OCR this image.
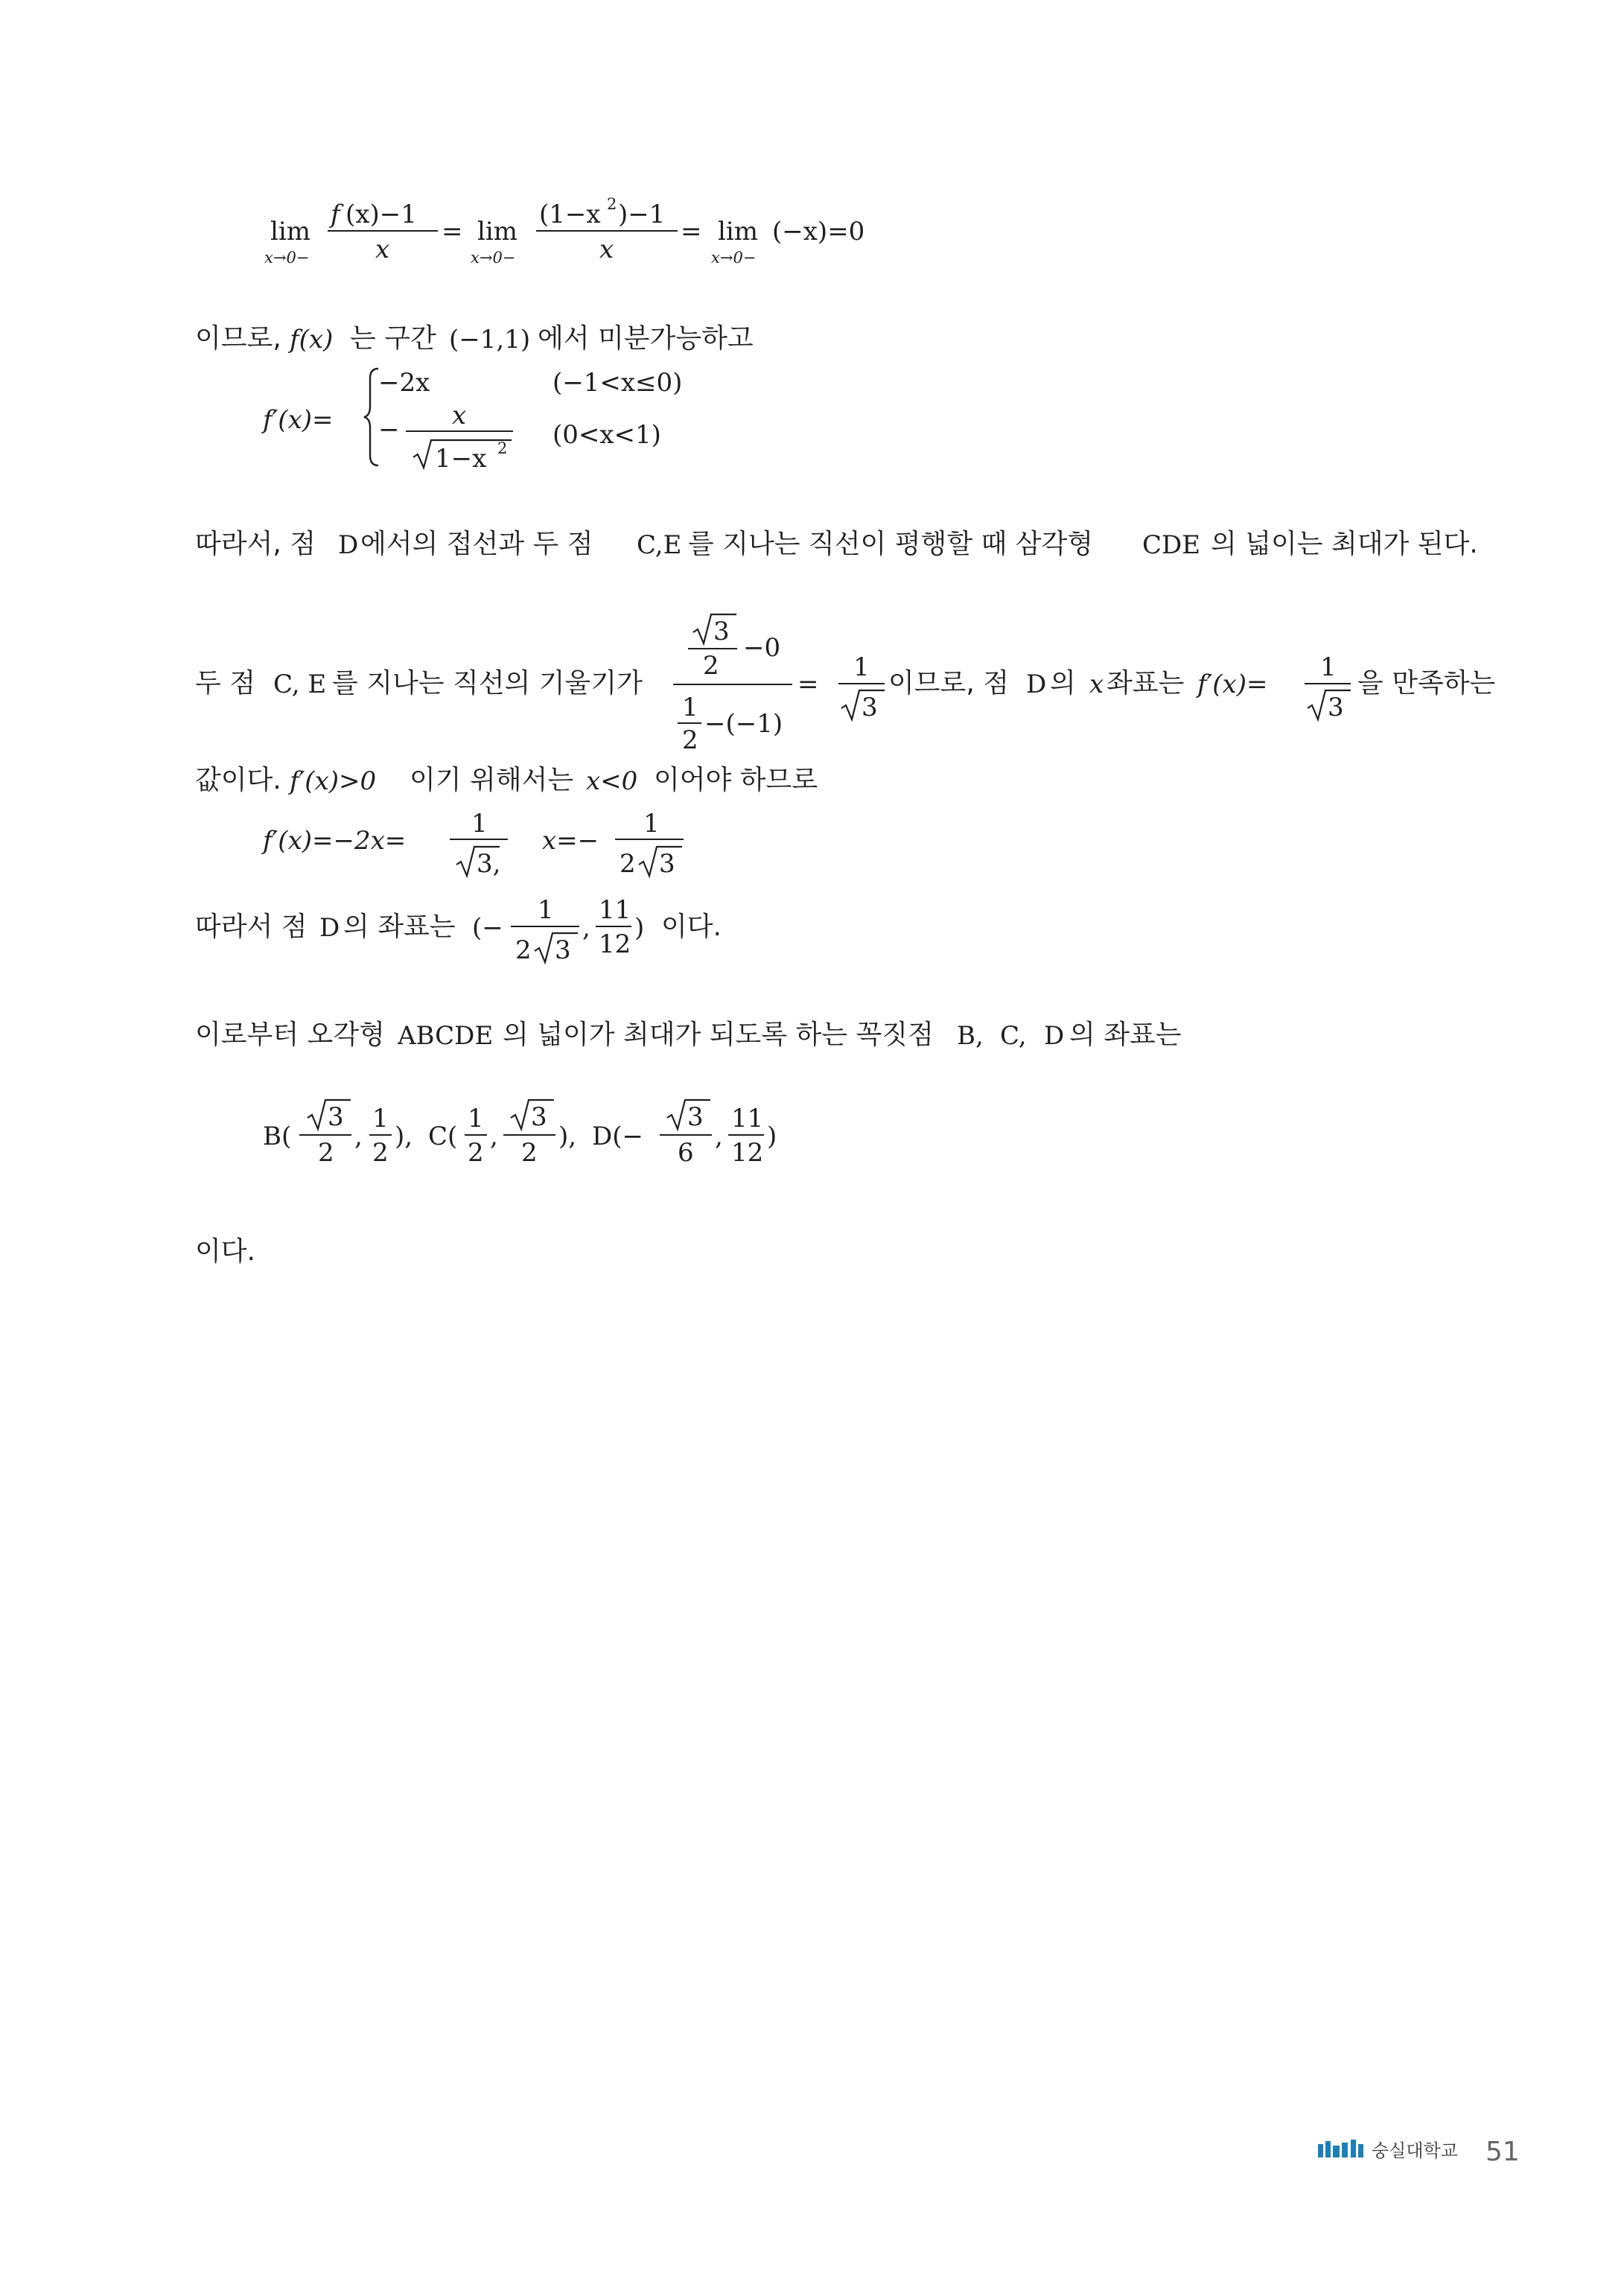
lim
x→0−
f (x)−1
x
= lim
x→0−
(1−x 2 )−1
x
= lim
x→0−
(−x)=0
이므로, f(x) 는 구간 (−1,1) 에서 미분가능하고
f′(x)=
−2x	(−1<x≤0)
− x
1−x 2 (0<x<1)
따라서, 점 D 에서의 접선과 두 점 C,E 를 지나는 직선이 평행할 때 삼각형 CDE 의 넓이는 최대가 된다.
두 점 C, E 를 지나는 직선의 기울기가
3
2
−0
1
2
−(−1)
=
1
3
이므로, 점 D 의 x 좌표는 f′(x)=
1
3
을 만족하는
값이다. f′(x)>0 이기 위해서는 x<0 이어야 하므로
f′(x)=−2x=
1
3,
x=−
1
2 3
따라서 점 D 의 좌표는 (−
1
2 3
,
11
12
) 이다.
이로부터 오각형 ABCDE 의 넓이가 최대가 되도록 하는 꼭짓점 B, C, D 의 좌표는
B(
3
2
,
1
2
), C(
1
2
,
3
2
), D(−
3
6
,
11
12
)
이다.
숭실대학교 51
